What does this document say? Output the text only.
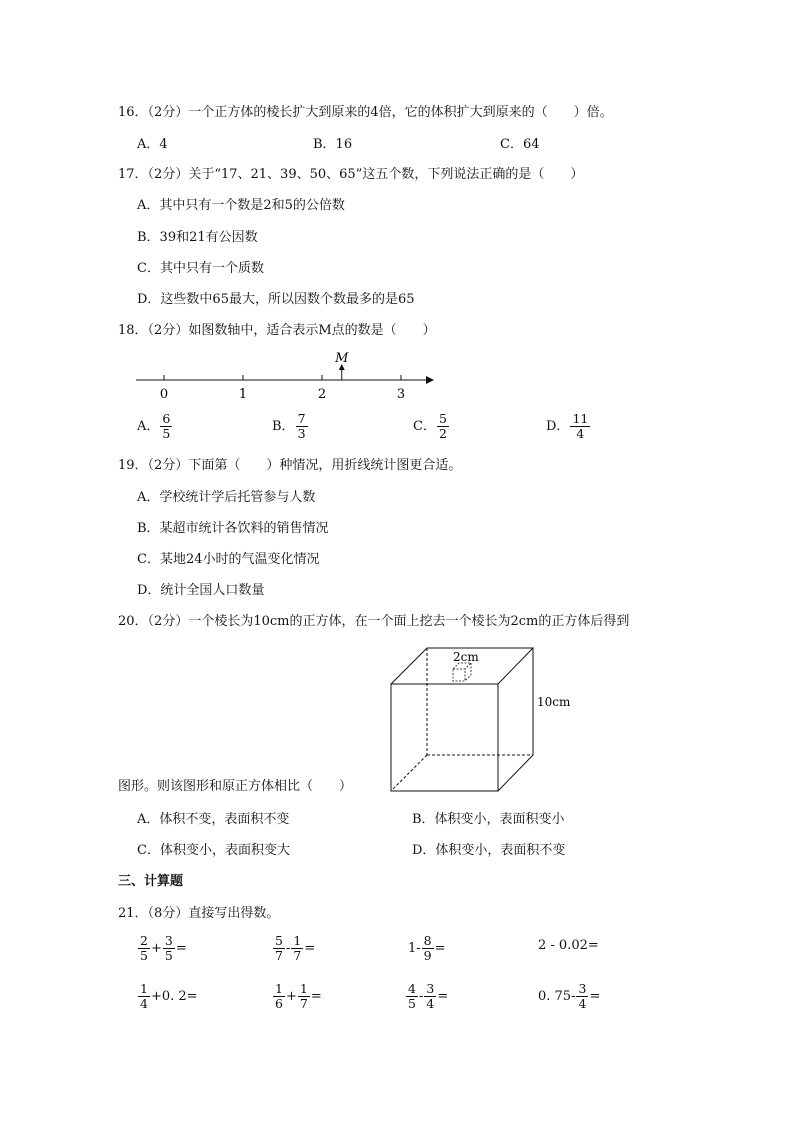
16．（2分）一个正方体的棱长扩大到原来的4倍，它的体积扩大到原来的（　　）倍。
A．4	B．16	C．64
17．（2分）关于“17、21、39、50、65”这五个数，下列说法正确的是（　　）
A．其中只有一个数是2和5的公倍数
B．39和21有公因数
C．其中只有一个质数
D．这些数中65最大，所以因数个数最多的是65
18．（2分）如图数轴中，适合表示M点的数是（　　）
0	1	2	3
M
A． $\frac{6}{5}$	B． $\frac{7}{3}$	C． $\frac{5}{2}$	D． $\frac{11}{4}$
19．（2分）下面第（　　）种情况，用折线统计图更合适。
A．学校统计学后托管参与人数
B．某超市统计各饮料的销售情况
C．某地24小时的气温变化情况
D．统计全国人口数量
20．（2分）一个棱长为10cm的正方体，在一个面上挖去一个棱长为2cm的正方体后得到
2cm
10cm
图形。则该图形和原正方体相比（　　）
A．体积不变，表面积不变	B．体积变小，表面积变小
C．体积变小，表面积变大	D．体积变小，表面积不变
三、计算题
21．（8分）直接写出得数。
$\frac{2}{5} + \frac{3}{5}$ =	$\frac{5}{7} - \frac{1}{7}$ =	$1- \frac{8}{9}$ =	2 - 0.02=
$\frac{1}{4} +0$. 2=	$\frac{1}{6} + \frac{1}{7}$ =	$\frac{4}{5} - \frac{3}{4}$ =	0. $75- \frac{3}{4}$ =
